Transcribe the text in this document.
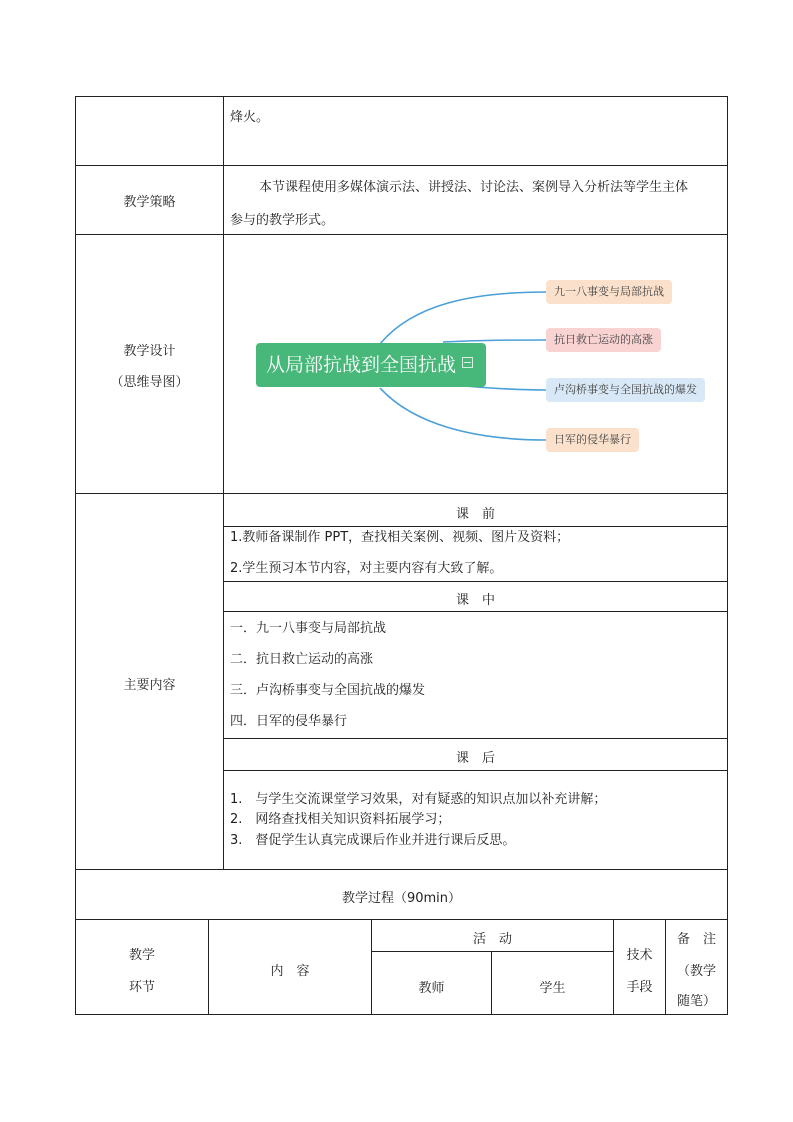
烽火。
教学策略
本节课程使用多媒体演示法、讲授法、讨论法、案例导入分析法等学生主体
参与的教学形式。
教学设计
（思维导图）
从局部抗战到全国抗战
九一八事变与局部抗战
抗日救亡运动的高涨
卢沟桥事变与全国抗战的爆发
日军的侵华暴行
主要内容
课　前
1.教师备课制作 PPT，查找相关案例、视频、图片及资料；
2.学生预习本节内容，对主要内容有大致了解。
课　中
一．九一八事变与局部抗战
二．抗日救亡运动的高涨
三．卢沟桥事变与全国抗战的爆发
四．日军的侵华暴行
课　后
1.　与学生交流课堂学习效果，对有疑惑的知识点加以补充讲解；
2.　网络查找相关知识资料拓展学习；
3.　督促学生认真完成课后作业并进行课后反思。
教学过程（90min）
教学
环节
内　容
活　动
教师	学生
技术
手段
备　注
（教学
随笔）
